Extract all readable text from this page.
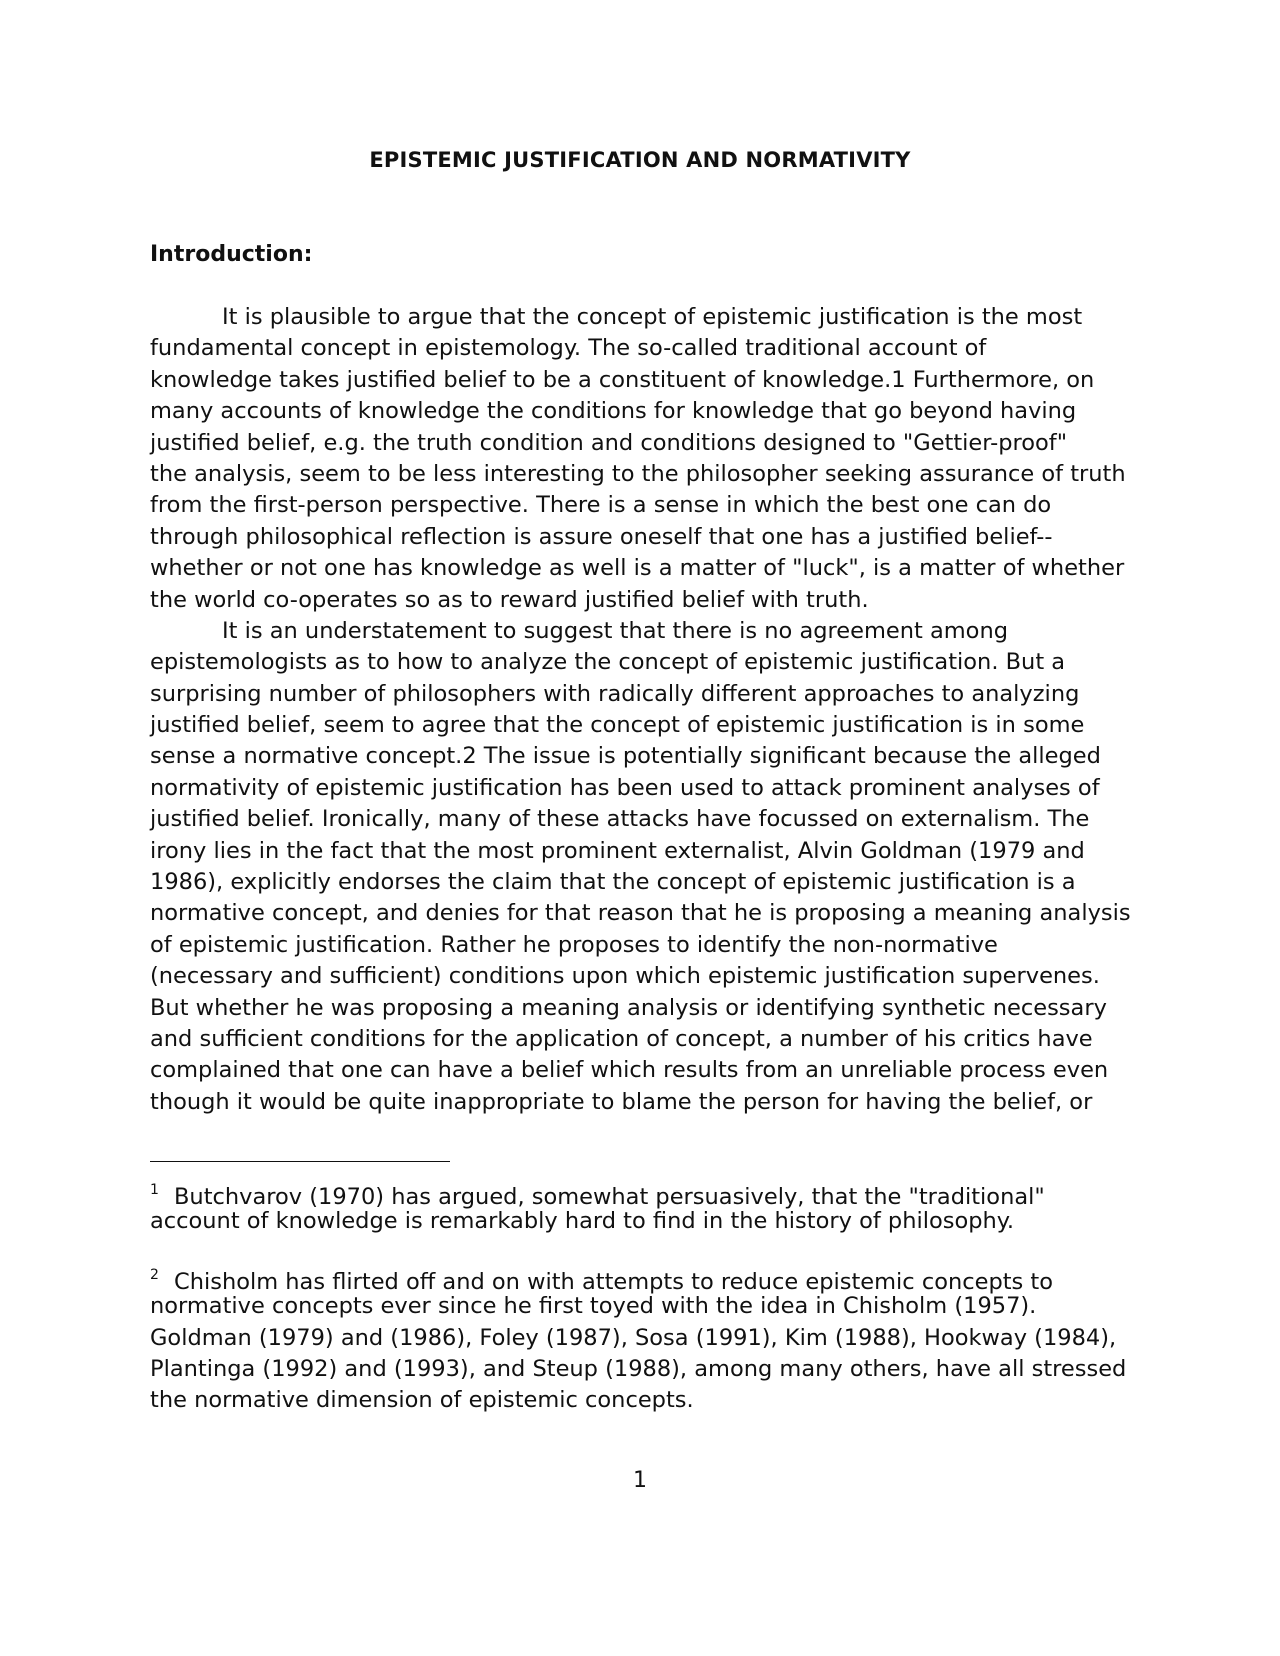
EPISTEMIC JUSTIFICATION AND NORMATIVITY
Introduction:
It is plausible to argue that the concept of epistemic justification is the most
fundamental concept in epistemology. The so-called traditional account of
knowledge takes justified belief to be a constituent of knowledge.1 Furthermore, on
many accounts of knowledge the conditions for knowledge that go beyond having
justified belief, e.g. the truth condition and conditions designed to "Gettier-proof"
the analysis, seem to be less interesting to the philosopher seeking assurance of truth
from the first-person perspective. There is a sense in which the best one can do
through philosophical reflection is assure oneself that one has a justified belief--
whether or not one has knowledge as well is a matter of "luck", is a matter of whether
the world co-operates so as to reward justified belief with truth.
It is an understatement to suggest that there is no agreement among
epistemologists as to how to analyze the concept of epistemic justification. But a
surprising number of philosophers with radically different approaches to analyzing
justified belief, seem to agree that the concept of epistemic justification is in some
sense a normative concept.2 The issue is potentially significant because the alleged
normativity of epistemic justification has been used to attack prominent analyses of
justified belief. Ironically, many of these attacks have focussed on externalism. The
irony lies in the fact that the most prominent externalist, Alvin Goldman (1979 and
1986), explicitly endorses the claim that the concept of epistemic justification is a
normative concept, and denies for that reason that he is proposing a meaning analysis
of epistemic justification. Rather he proposes to identify the non-normative
(necessary and sufficient) conditions upon which epistemic justification supervenes.
But whether he was proposing a meaning analysis or identifying synthetic necessary
and sufficient conditions for the application of concept, a number of his critics have
complained that one can have a belief which results from an unreliable process even
though it would be quite inappropriate to blame the person for having the belief, or
1 Butchvarov (1970) has argued, somewhat persuasively, that the "traditional"
account of knowledge is remarkably hard to find in the history of philosophy.
2 Chisholm has flirted off and on with attempts to reduce epistemic concepts to
normative concepts ever since he first toyed with the idea in Chisholm (1957).
Goldman (1979) and (1986), Foley (1987), Sosa (1991), Kim (1988), Hookway (1984),
Plantinga (1992) and (1993), and Steup (1988), among many others, have all stressed
the normative dimension of epistemic concepts.
1
